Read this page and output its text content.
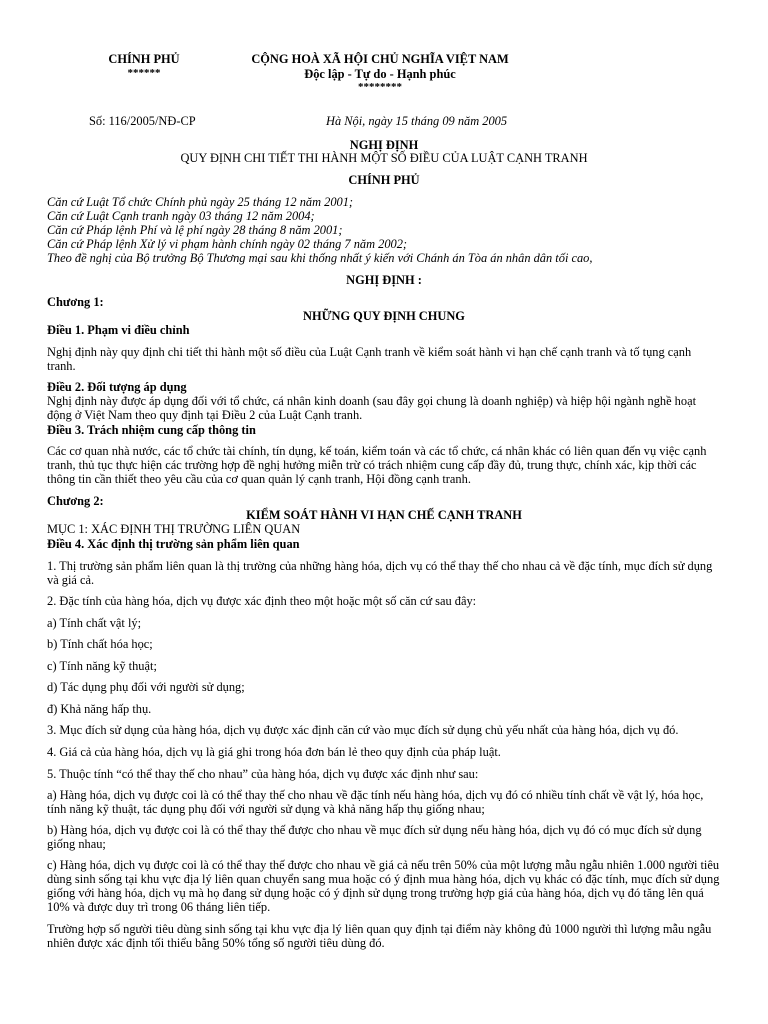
CHÍNH PHỦ
******
CỘNG HOÀ XÃ HỘI CHỦ NGHĨA VIỆT NAM
Độc lập - Tự do - Hạnh phúc
********
Số: 116/2005/NĐ-CP	Hà Nội, ngày 15 tháng 09 năm 2005
NGHỊ ĐỊNH
QUY ĐỊNH CHI TIẾT THI HÀNH MỘT SỐ ĐIỀU CỦA LUẬT CẠNH TRANH
CHÍNH PHỦ
Căn cứ Luật Tổ chức Chính phủ ngày 25 tháng 12 năm 2001;
Căn cứ Luật Cạnh tranh ngày 03 tháng 12 năm 2004;
Căn cứ Pháp lệnh Phí và lệ phí ngày 28 tháng 8 năm 2001;
Căn cứ Pháp lệnh Xử lý vi phạm hành chính ngày 02 tháng 7 năm 2002;
Theo đề nghị của Bộ trưởng Bộ Thương mại sau khi thống nhất ý kiến với Chánh án Tòa án nhân dân tối cao,
NGHỊ ĐỊNH :
Chương 1:
NHỮNG QUY ĐỊNH CHUNG
Điều 1. Phạm vi điều chỉnh

Nghị định này quy định chi tiết thi hành một số điều của Luật Cạnh tranh về kiểm soát hành vi hạn chế cạnh tranh và tố tụng cạnh tranh.

Điều 2. Đối tượng áp dụng

Nghị định này được áp dụng đối với tổ chức, cá nhân kinh doanh (sau đây gọi chung là doanh nghiệp) và hiệp hội ngành nghề hoạt động ở Việt Nam theo quy định tại Điều 2 của Luật Cạnh tranh.

Điều 3. Trách nhiệm cung cấp thông tin

Các cơ quan nhà nước, các tổ chức tài chính, tín dụng, kế toán, kiểm toán và các tổ chức, cá nhân khác có liên quan đến vụ việc cạnh tranh, thủ tục thực hiện các trường hợp đề nghị hưởng miễn trừ có trách nhiệm cung cấp đầy đủ, trung thực, chính xác, kịp thời các thông tin cần thiết theo yêu cầu của cơ quan quản lý cạnh tranh, Hội đồng cạnh tranh.

Chương 2:
KIỂM SOÁT HÀNH VI HẠN CHẾ CẠNH TRANH
MỤC 1: XÁC ĐỊNH THỊ TRƯỜNG LIÊN QUAN
Điều 4. Xác định thị trường sản phẩm liên quan

1. Thị trường sản phẩm liên quan là thị trường của những hàng hóa, dịch vụ có thể thay thế cho nhau cả về đặc tính, mục đích sử dụng và giá cả.

2. Đặc tính của hàng hóa, dịch vụ được xác định theo một hoặc một số căn cứ sau đây:

a) Tính chất vật lý;

b) Tính chất hóa học;

c) Tính năng kỹ thuật;

d) Tác dụng phụ đối với người sử dụng;

đ) Khả năng hấp thụ.

3. Mục đích sử dụng của hàng hóa, dịch vụ được xác định căn cứ vào mục đích sử dụng chủ yếu nhất của hàng hóa, dịch vụ đó.

4. Giá cả của hàng hóa, dịch vụ là giá ghi trong hóa đơn bán lẻ theo quy định của pháp luật.

5. Thuộc tính “có thể thay thế cho nhau” của hàng hóa, dịch vụ được xác định như sau:

a) Hàng hóa, dịch vụ được coi là có thể thay thế cho nhau về đặc tính nếu hàng hóa, dịch vụ đó có nhiều tính chất về vật lý, hóa học, tính năng kỹ thuật, tác dụng phụ đối với người sử dụng và khả năng hấp thụ giống nhau;

b) Hàng hóa, dịch vụ được coi là có thể thay thế được cho nhau về mục đích sử dụng nếu hàng hóa, dịch vụ đó có mục đích sử dụng giống nhau;

c) Hàng hóa, dịch vụ được coi là có thể thay thế được cho nhau về giá cả nếu trên 50% của một lượng mẫu ngẫu nhiên 1.000 người tiêu dùng sinh sống tại khu vực địa lý liên quan chuyển sang mua hoặc có ý định mua hàng hóa, dịch vụ khác có đặc tính, mục đích sử dụng giống với hàng hóa, dịch vụ mà họ đang sử dụng hoặc có ý định sử dụng trong trường hợp giá của hàng hóa, dịch vụ đó tăng lên quá 10% và được duy trì trong 06 tháng liên tiếp.

Trường hợp số người tiêu dùng sinh sống tại khu vực địa lý liên quan quy định tại điểm này không đủ 1000 người thì lượng mẫu ngẫu nhiên được xác định tối thiểu bằng 50% tổng số người tiêu dùng đó.
